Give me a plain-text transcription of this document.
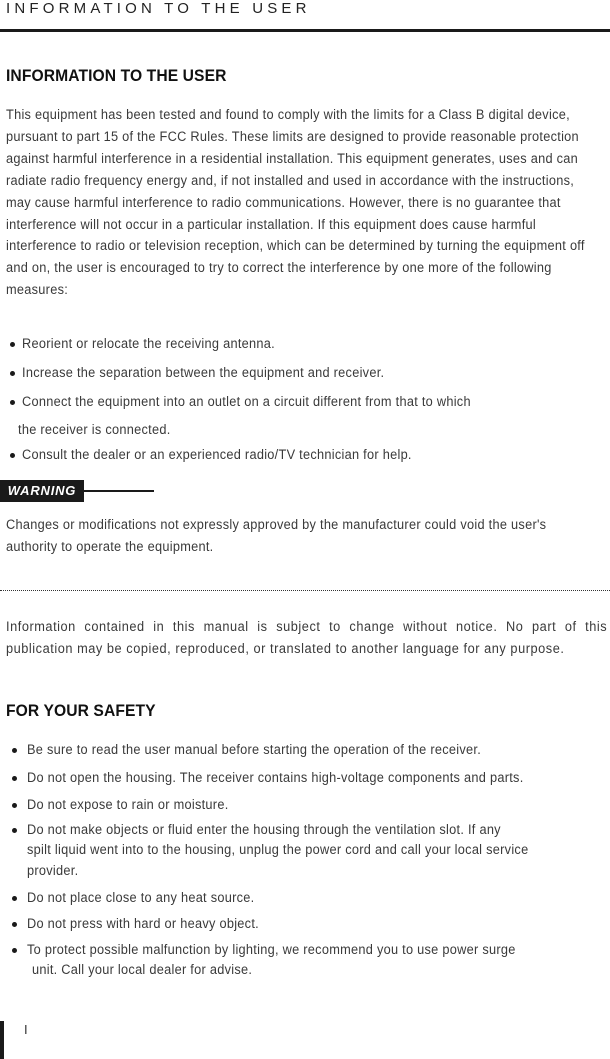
INFORMATION TO THE USER
INFORMATION TO THE USER
This equipment has been tested and found to comply with the limits for a Class B digital device, pursuant to part 15 of the FCC Rules. These limits are designed to provide reasonable protection against harmful interference in a residential installation. This equipment generates, uses and can radiate radio frequency energy and, if not installed and used in accordance with the instructions, may cause harmful interference to radio communications. However, there is no guarantee that interference will not occur in a particular installation. If this equipment does cause harmful interference to radio or television reception, which can be determined by turning the equipment off and on, the user is encouraged to try to correct the interference by one more of the following measures:
Reorient or relocate the receiving antenna.
Increase the separation between the equipment and receiver.
Connect the equipment into an outlet on a circuit different from that to which
the receiver is connected.
Consult the dealer or an experienced radio/TV technician for help.
WARNING
Changes or modifications not expressly approved by the manufacturer could void the user's authority to operate the equipment.
Information contained in this manual is subject to change without notice. No part of this publication may be copied, reproduced, or translated to another language for any purpose.
FOR YOUR SAFETY
Be sure to read the user manual before starting the operation of the receiver.
Do not open the housing. The receiver contains high-voltage components and parts.
Do not expose to rain or moisture.
Do not make objects or fluid enter the housing through the ventilation slot. If any
spilt liquid went into to the housing, unplug the power cord and call your local service
provider.
Do not place close to any heat source.
Do not press with hard or heavy object.
To protect possible malfunction by lighting, we recommend you to use power surge
unit. Call your local dealer for advise.
I
